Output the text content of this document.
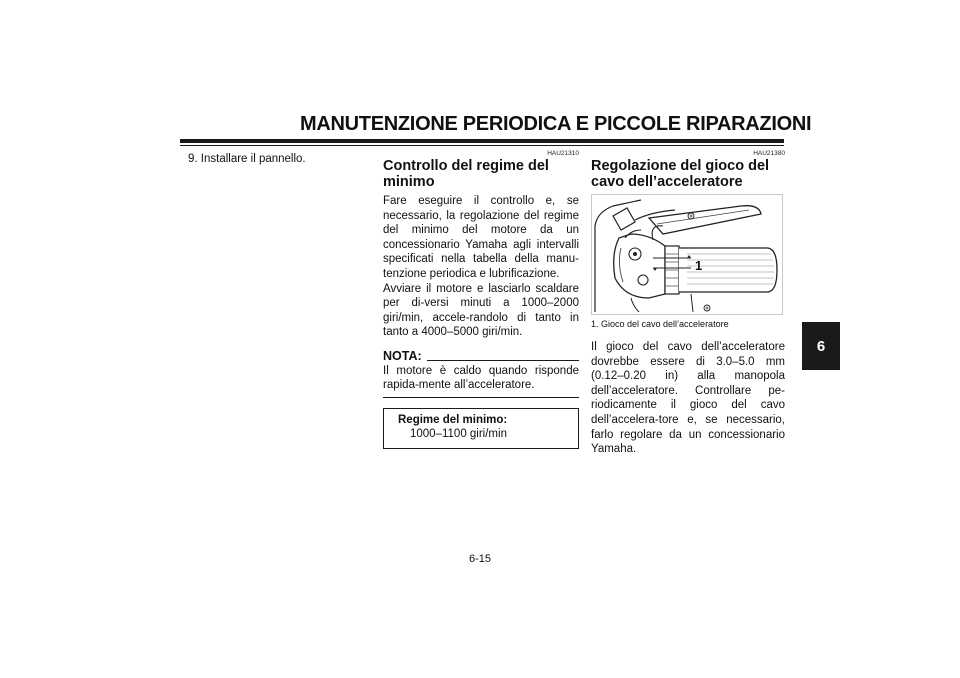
MANUTENZIONE PERIODICA E PICCOLE RIPARAZIONI
6
9. Installare il pannello.	HAU21310
Controllo del regime del minimo

Fare eseguire il controllo e, se necessario, la regolazione del regime del minimo del motore da un concessionario Yamaha agli intervalli specificati nella tabella della manu-tenzione periodica e lubrificazione.

Avviare il motore e lasciarlo scaldare per di-versi minuti a 1000–2000 giri/min, accele-randolo di tanto in tanto a 4000–5000 giri/min.

NOTA:

Il motore è caldo quando risponde rapida-mente all’acceleratore.

Regime del minimo:
1000–1100 giri/min
HAU21380
Regolazione del gioco del cavo dell’acceleratore
1
1. Gioco del cavo dell’acceleratore

Il gioco del cavo dell’acceleratore dovrebbe essere di 3.0–5.0 mm (0.12–0.20 in) alla manopola dell’acceleratore. Controllare pe-riodicamente il gioco del cavo dell’accelera-tore e, se necessario, farlo regolare da un concessionario Yamaha.

6-15
